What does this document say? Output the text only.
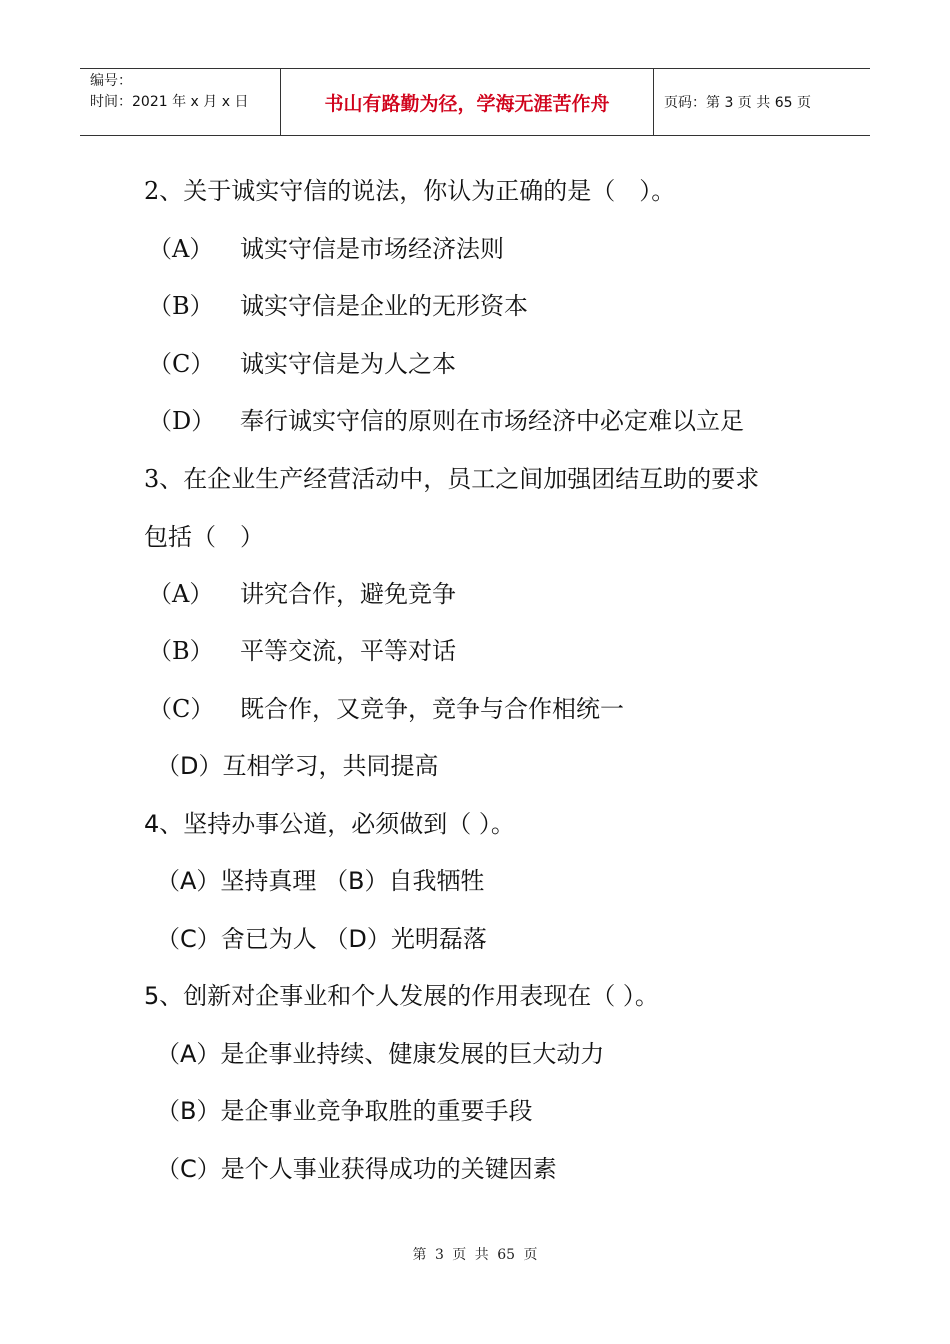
编号：
时间：2021 年 x 月 x 日	书山有路勤为径，学海无涯苦作舟	页码：第 3 页 共 65 页
2、关于诚实守信的说法，你认为正确的是（　）。
（A） 诚实守信是市场经济法则
（B） 诚实守信是企业的无形资本
（C） 诚实守信是为人之本
（D） 奉行诚实守信的原则在市场经济中必定难以立足
3、在企业生产经营活动中，员工之间加强团结互助的要求
包括（　）
（A） 讲究合作，避免竞争
（B） 平等交流，平等对话
（C） 既合作，又竞争，竞争与合作相统一
（D）互相学习，共同提高
4、坚持办事公道，必须做到（ ）。
（A）坚持真理 （B）自我牺牲
（C）舍已为人 （D）光明磊落
5、创新对企事业和个人发展的作用表现在（ ）。
（A）是企事业持续、健康发展的巨大动力
（B）是企事业竞争取胜的重要手段
（C）是个人事业获得成功的关键因素
第 3 页 共 65 页
